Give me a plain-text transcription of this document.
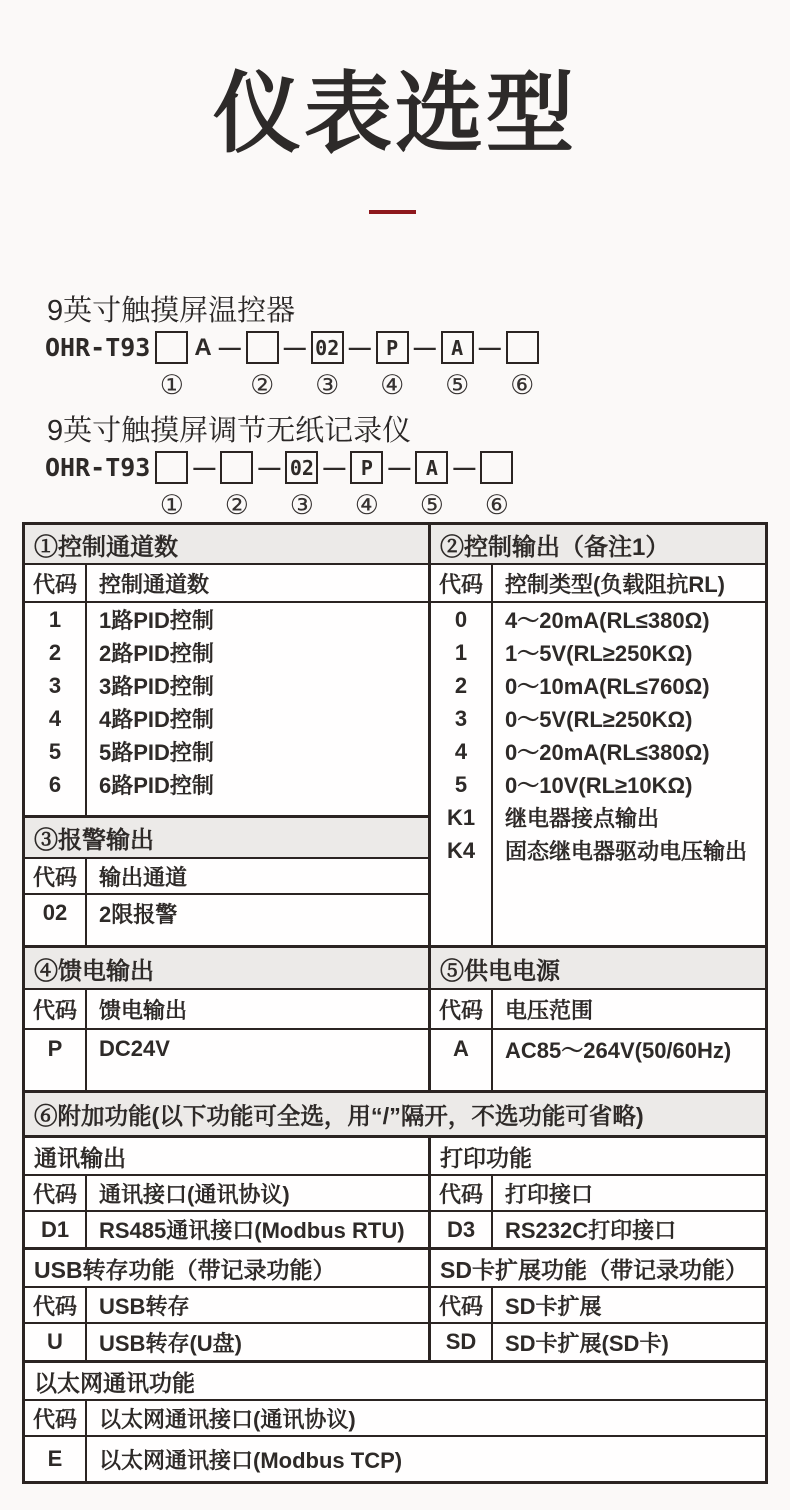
仪表选型
9英寸触摸屏温控器
OHR-T93
①
A —
②
— 02
③
— P
④
— A
⑤
—
⑥
9英寸触摸屏调节无纸记录仪
OHR-T93
①
—
②
— 02
③
— P
④
— A
⑤
—
⑥
①控制通道数
代码	控制通道数
1	1路PID控制
2	2路PID控制
3	3路PID控制
4	4路PID控制
5	5路PID控制
6	6路PID控制
③报警输出
代码	输出通道
02	2限报警
②控制输出（备注1）
代码	控制类型(负载阻抗RL)
0	4～20mA(RL≤380Ω)
1	1～5V(RL≥250KΩ)
2	0～10mA(RL≤760Ω)
3	0～5V(RL≥250KΩ)
4	0～20mA(RL≤380Ω)
5	0～10V(RL≥10KΩ)
K1	继电器接点输出
K4	固态继电器驱动电压输出
④馈电输出
代码	馈电输出
P	DC24V
⑤供电电源
代码	电压范围
A	AC85～264V(50/60Hz)
⑥附加功能(以下功能可全选，用“/”隔开，不选功能可省略)
通讯输出
代码	通讯接口(通讯协议)
D1	RS485通讯接口(Modbus RTU)
打印功能
代码	打印接口
D3	RS232C打印接口
USB转存功能（带记录功能）
代码	USB转存
U	USB转存(U盘)
SD卡扩展功能（带记录功能）
代码	SD卡扩展
SD	SD卡扩展(SD卡)
以太网通讯功能
代码	以太网通讯接口(通讯协议)
E	以太网通讯接口(Modbus TCP)
